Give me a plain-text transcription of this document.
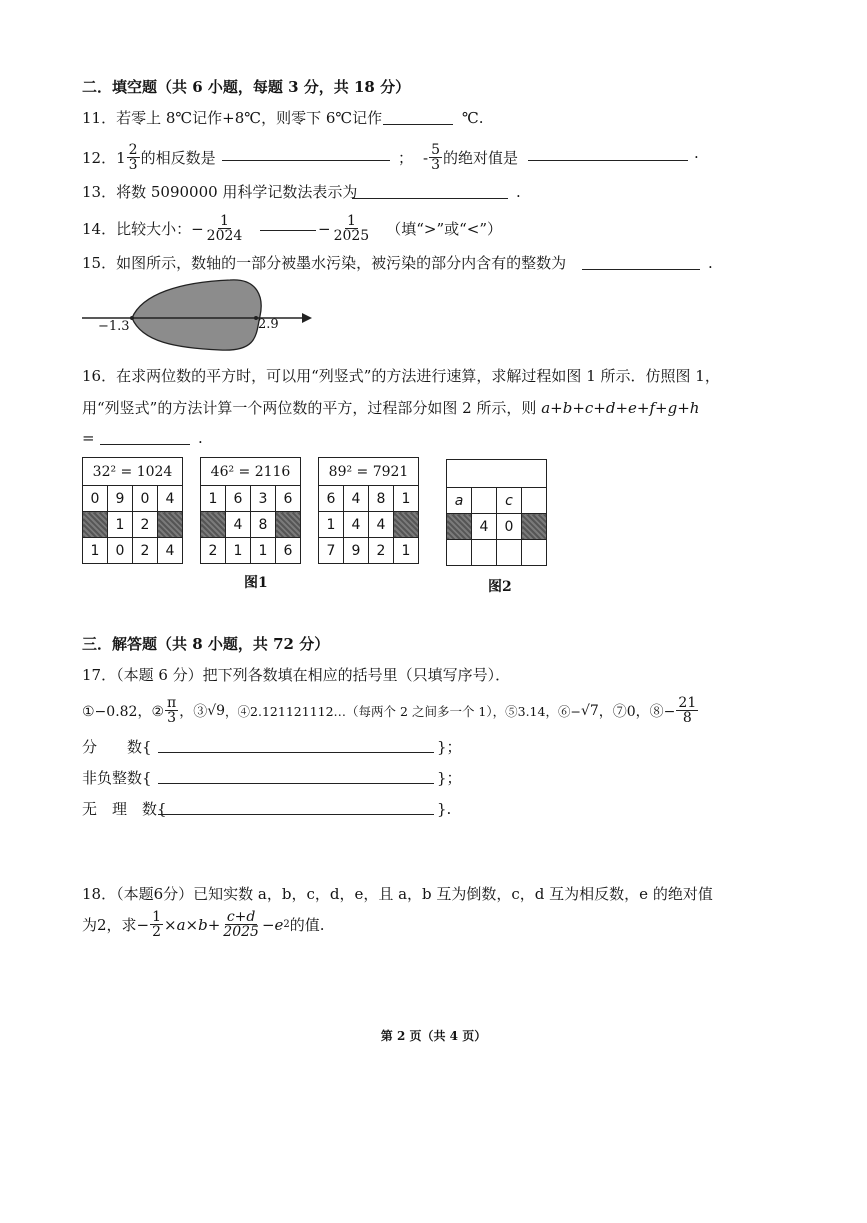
二．填空题（共 6 小题，每题 3 分，共 18 分）
11．若零上 8℃记作+8℃，则零下 6℃记作	℃.
12． $1 \frac{2}{3}$ 的相反数是	； - $\frac{5}{3}$ 的绝对值是	.
13．将数 5090000 用科学记数法表示为	.
14．比较大小： − $\frac{1}{2024}$	− $\frac{1}{2025}$ （填“>”或“<”）
15．如图所示，数轴的一部分被墨水污染，被污染的部分内含有的整数为	.
−1.3	2.9
16．在求两位数的平方时，可以用“列竖式”的方法进行速算，求解过程如图 1 所示．仿照图 1，
用“列竖式”的方法计算一个两位数的平方，过程部分如图 2 所示，则 a+b+c+d+e+f+g+h
=	.
32² = 1024			
0	9	0	4
	1	2	
1	0	2	4
46² = 2116			
1	6	3	6
	4	8	
2	1	1	6
89² = 7921			
6	4	8	1
1	4	4	
7	9	2	1

a		c	
	4	0	

图1	图2
三．解答题（共 8 小题，共 72 分）
17．（本题 6 分）把下列各数填在相应的括号里（只填写序号）．
①−0.82，② $\frac{\pi}{3}$ ，③ √9 ，④2.121121112…（每两个 2 之间多一个 1），⑤3.14，⑥− √7 ，⑦0，⑧− $\frac{21}{8}$
分　　数{	}；
非负整数{	}；
无　理　数{	}.
18．（本题6分）已知实数 a，b，c，d，e，且 a，b 互为倒数，c，d 互为相反数，e 的绝对值
为2，求− $\frac{1}{2} \times a\times b+ \frac{c+d}{2025} -e$ 2 的值.
第 2 页（共 4 页）
